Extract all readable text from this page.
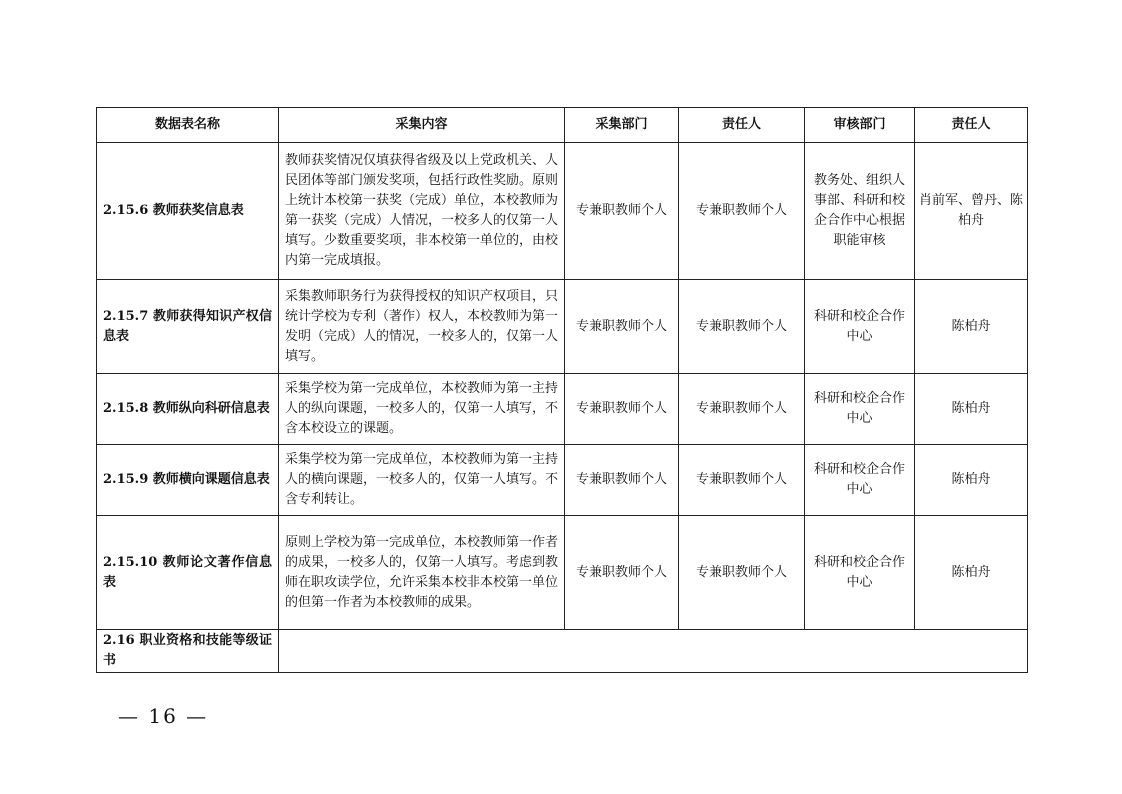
数据表名称	采集内容	采集部门	责任人	审核部门	责任人
2.15.6 教师获奖信息表	教师获奖情况仅填获得省级及以上党政机关、人民团体等部门颁发奖项，包括行政性奖励。原则上统计本校第一获奖（完成）单位，本校教师为第一获奖（完成）人情况，一校多人的仅第一人填写。少数重要奖项，非本校第一单位的，由校内第一完成填报。	专兼职教师个人	专兼职教师个人	教务处、组织人事部、科研和校企合作中心根据职能审核	肖前军、曾丹、陈柏舟
2.15.7 教师获得知识产权信息表	采集教师职务行为获得授权的知识产权项目，只统计学校为专利（著作）权人，本校教师为第一发明（完成）人的情况，一校多人的，仅第一人填写。	专兼职教师个人	专兼职教师个人	科研和校企合作中心	陈柏舟
2.15.8 教师纵向科研信息表	采集学校为第一完成单位，本校教师为第一主持人的纵向课题，一校多人的，仅第一人填写，不含本校设立的课题。	专兼职教师个人	专兼职教师个人	科研和校企合作中心	陈柏舟
2.15.9 教师横向课题信息表	采集学校为第一完成单位，本校教师为第一主持人的横向课题，一校多人的，仅第一人填写。不含专利转让。	专兼职教师个人	专兼职教师个人	科研和校企合作中心	陈柏舟
2.15.10 教师论文著作信息表	原则上学校为第一完成单位，本校教师第一作者的成果，一校多人的，仅第一人填写。考虑到教师在职攻读学位，允许采集本校非本校第一单位的但第一作者为本校教师的成果。	专兼职教师个人	专兼职教师个人	科研和校企合作中心	陈柏舟
2.16 职业资格和技能等级证书					
— 16 —
